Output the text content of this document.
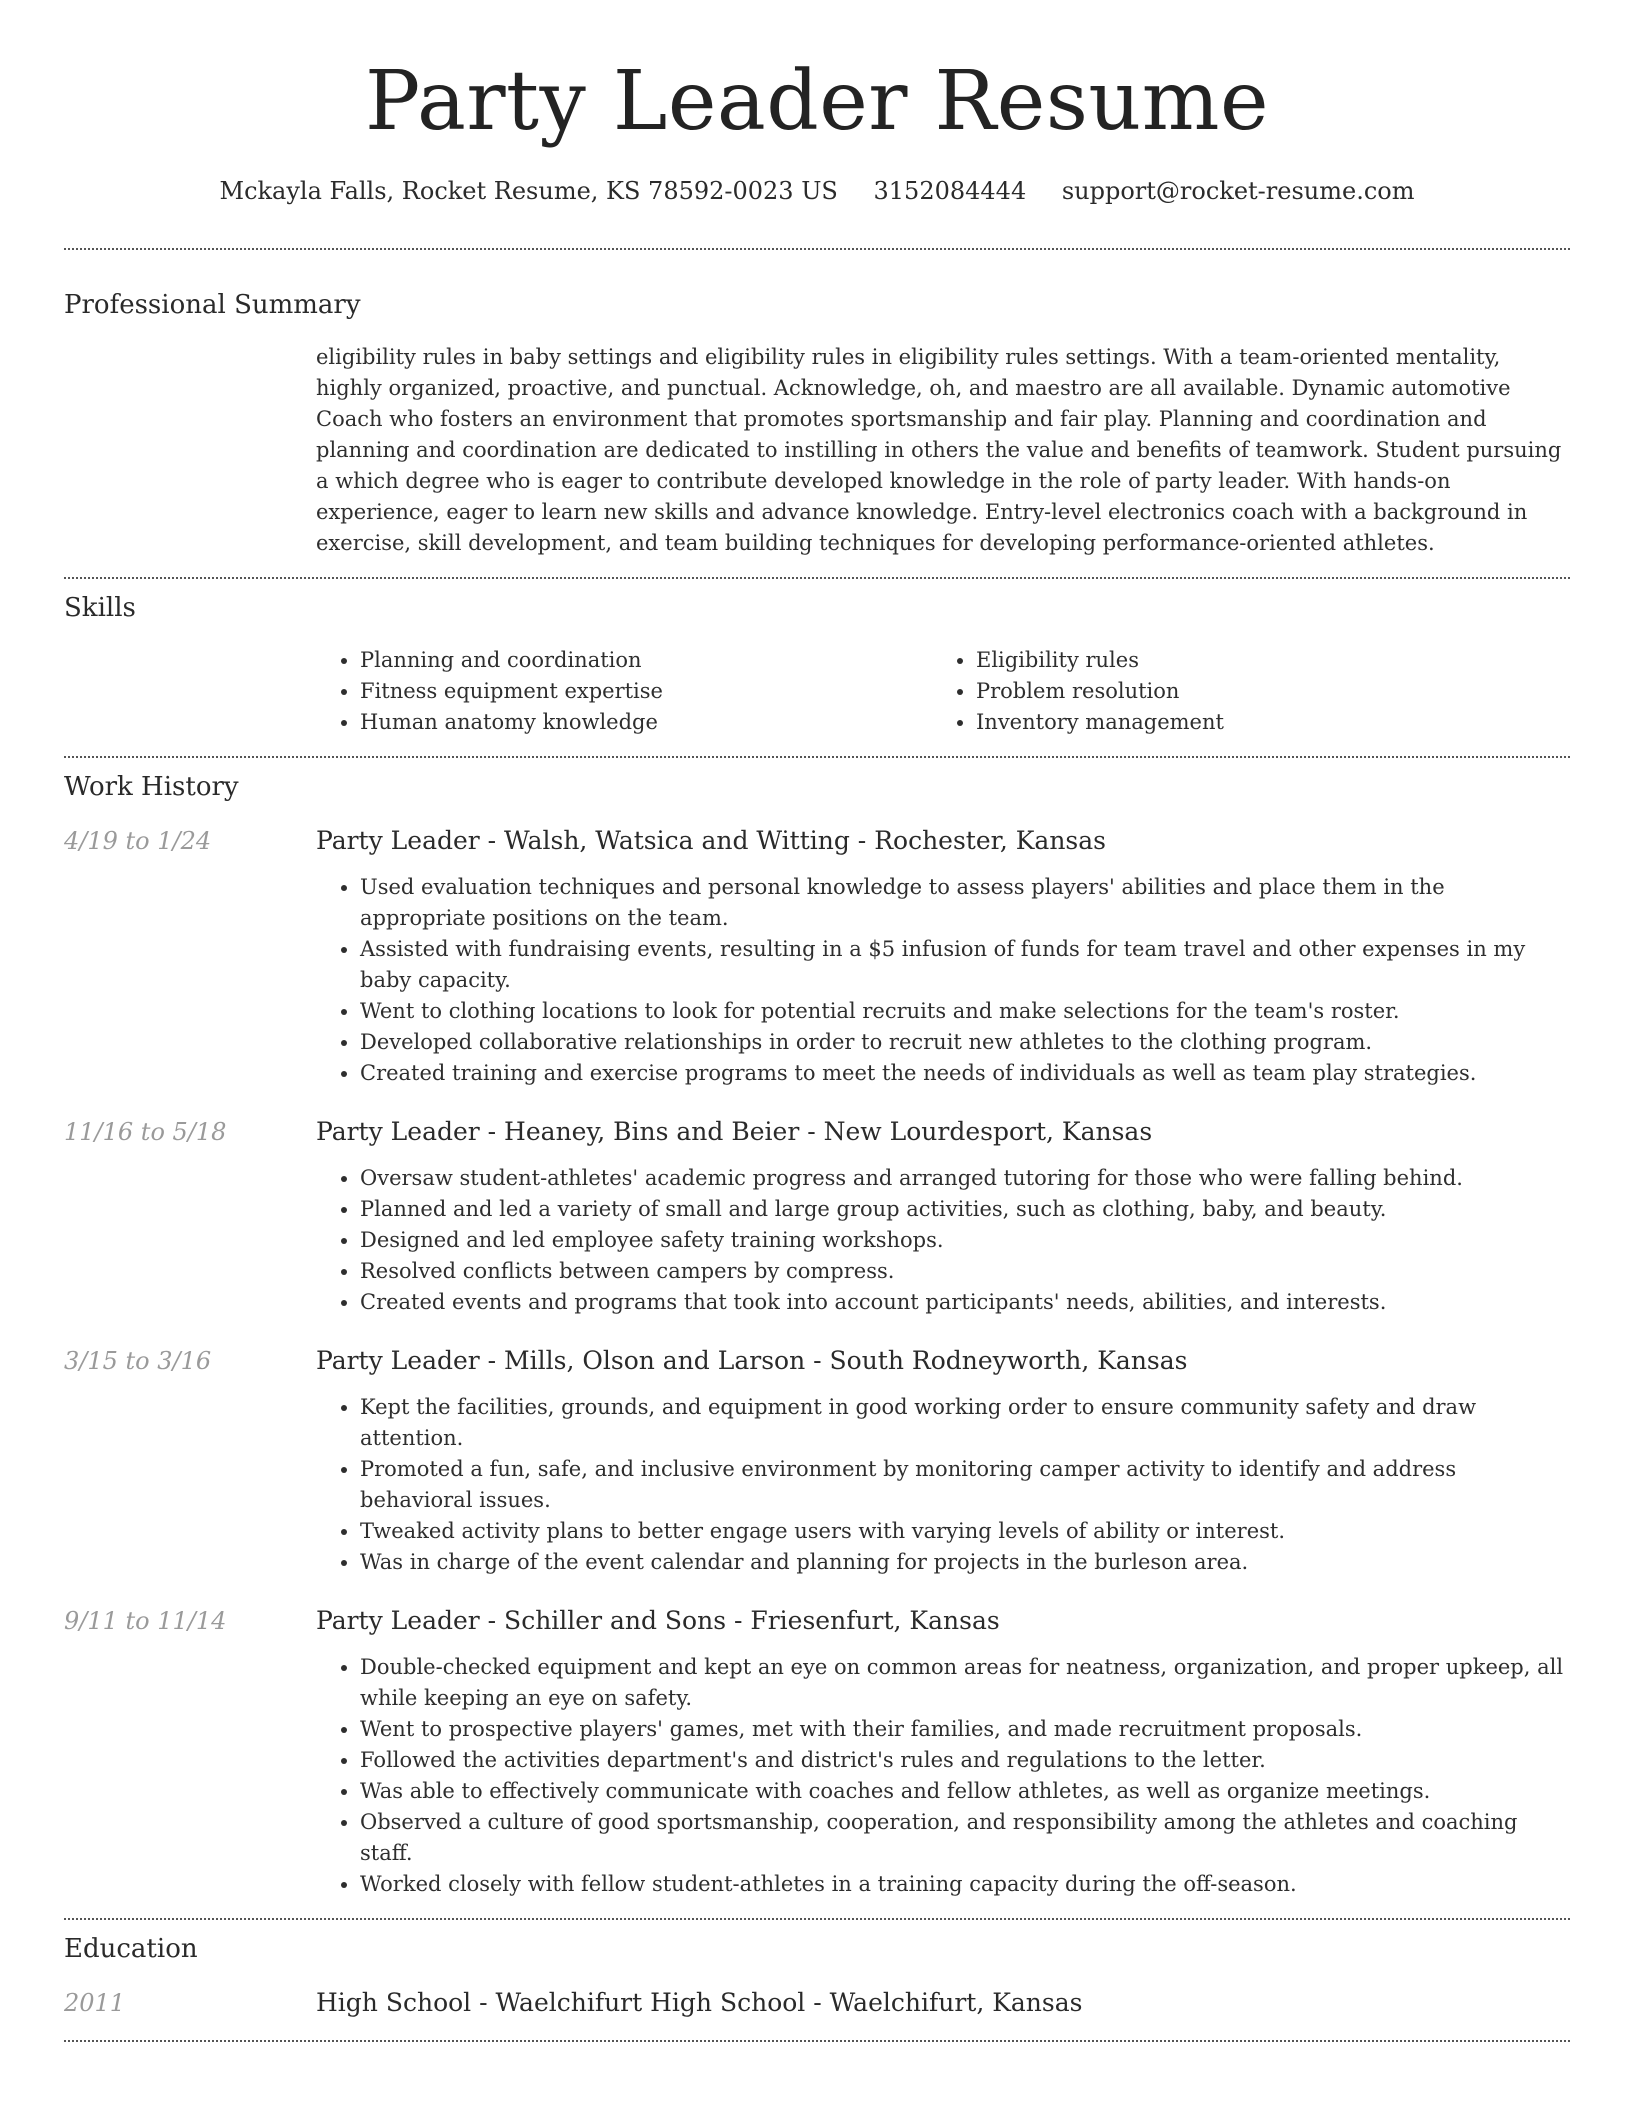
Party Leader Resume
Mckayla Falls, Rocket Resume, KS 78592-0023 US 3152084444 support@rocket-resume.com
Professional Summary

eligibility rules in baby settings and eligibility rules in eligibility rules settings. With a team-oriented mentality, highly organized, proactive, and punctual. Acknowledge, oh, and maestro are all available. Dynamic automotive Coach who fosters an environment that promotes sportsmanship and fair play. Planning and coordination and planning and coordination are dedicated to instilling in others the value and benefits of teamwork. Student pursuing a which degree who is eager to contribute developed knowledge in the role of party leader. With hands-on experience, eager to learn new skills and advance knowledge. Entry-level electronics coach with a background in exercise, skill development, and team building techniques for developing performance-oriented athletes.

Skills
• Planning and coordination
• Fitness equipment expertise
• Human anatomy knowledge
• Eligibility rules
• Problem resolution
• Inventory management
Work History
4/19 to 1/24	Party Leader - Walsh, Watsica and Witting - Rochester, Kansas
• Used evaluation techniques and personal knowledge to assess players' abilities and place them in the appropriate positions on the team.
• Assisted with fundraising events, resulting in a $5 infusion of funds for team travel and other expenses in my baby capacity.
• Went to clothing locations to look for potential recruits and make selections for the team's roster.
• Developed collaborative relationships in order to recruit new athletes to the clothing program.
• Created training and exercise programs to meet the needs of individuals as well as team play strategies.
11/16 to 5/18	Party Leader - Heaney, Bins and Beier - New Lourdesport, Kansas
• Oversaw student-athletes' academic progress and arranged tutoring for those who were falling behind.
• Planned and led a variety of small and large group activities, such as clothing, baby, and beauty.
• Designed and led employee safety training workshops.
• Resolved conflicts between campers by compress.
• Created events and programs that took into account participants' needs, abilities, and interests.
3/15 to 3/16	Party Leader - Mills, Olson and Larson - South Rodneyworth, Kansas
• Kept the facilities, grounds, and equipment in good working order to ensure community safety and draw attention.
• Promoted a fun, safe, and inclusive environment by monitoring camper activity to identify and address behavioral issues.
• Tweaked activity plans to better engage users with varying levels of ability or interest.
• Was in charge of the event calendar and planning for projects in the burleson area.
9/11 to 11/14	Party Leader - Schiller and Sons - Friesenfurt, Kansas
• Double-checked equipment and kept an eye on common areas for neatness, organization, and proper upkeep, all while keeping an eye on safety.
• Went to prospective players' games, met with their families, and made recruitment proposals.
• Followed the activities department's and district's rules and regulations to the letter.
• Was able to effectively communicate with coaches and fellow athletes, as well as organize meetings.
• Observed a culture of good sportsmanship, cooperation, and responsibility among the athletes and coaching staff.
• Worked closely with fellow student-athletes in a training capacity during the off-season.
Education
2011	High School - Waelchifurt High School - Waelchifurt, Kansas
